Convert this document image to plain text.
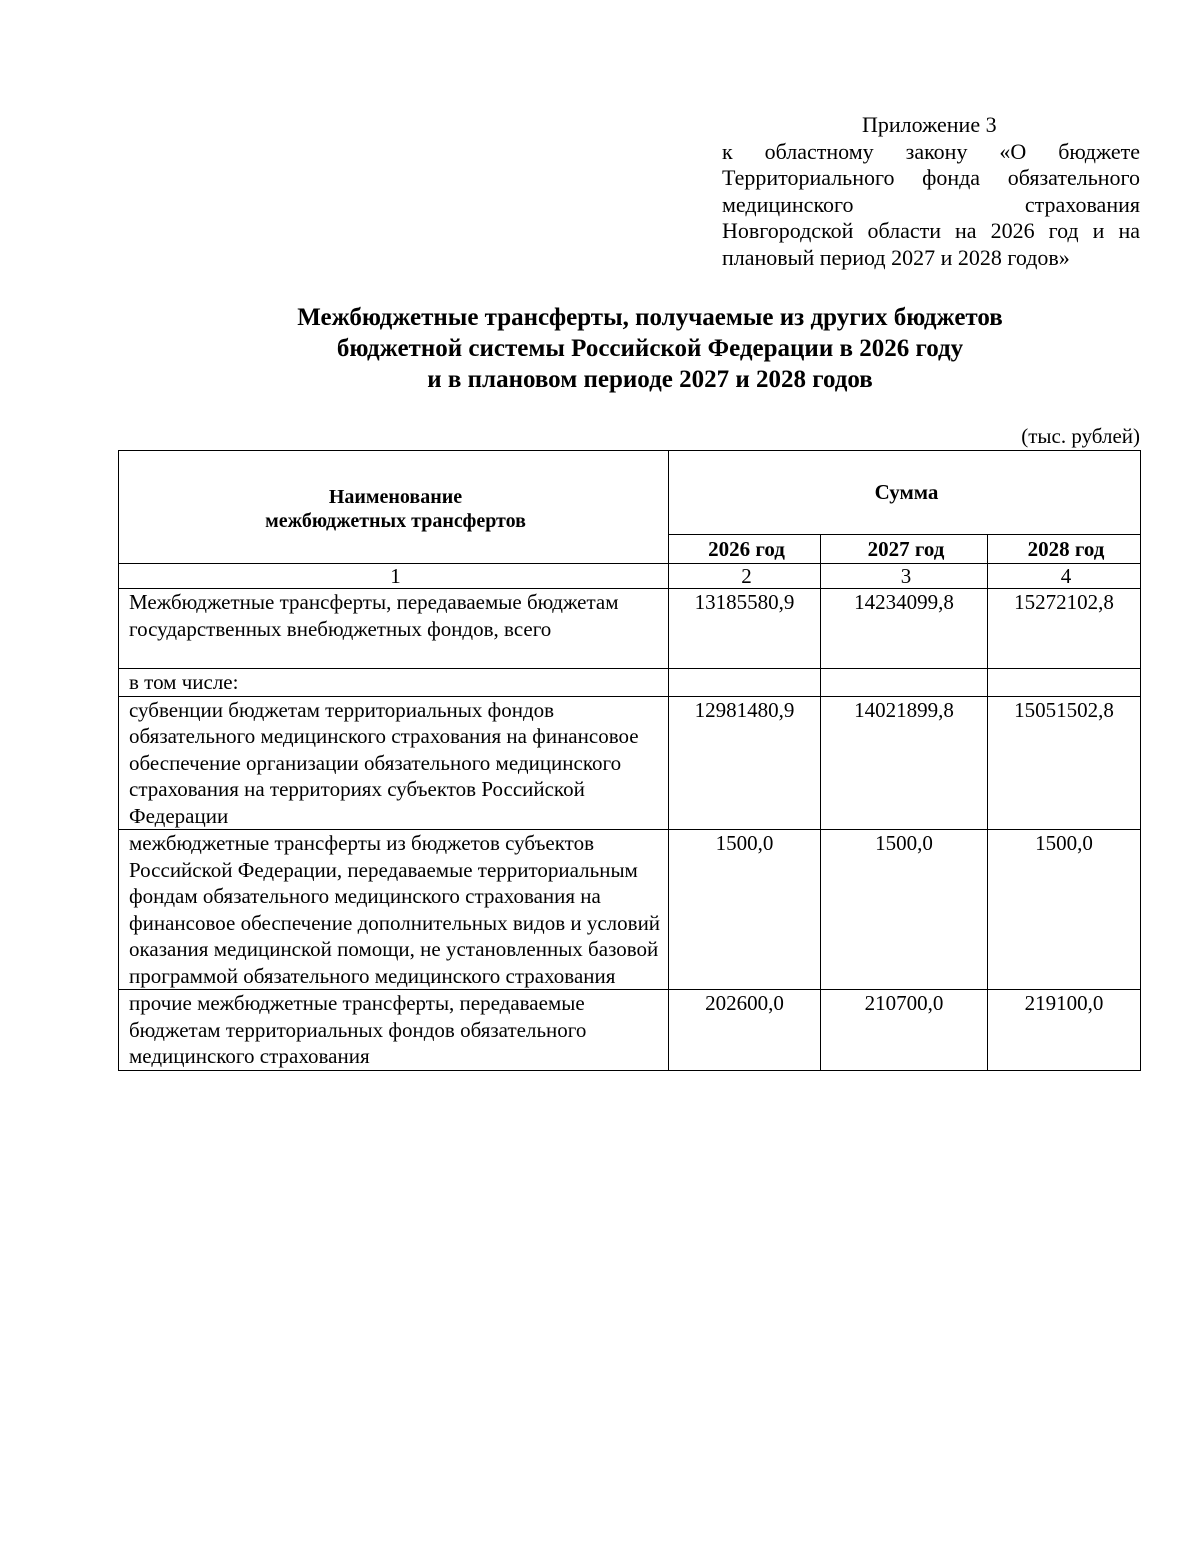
Приложение 3
к областному закону «О бюджете
Территориального фонда обязательного
медицинского страхования
Новгородской области на 2026 год и на
плановый период 2027 и 2028 годов»
Межбюджетные трансферты, получаемые из других бюджетов
бюджетной системы Российской Федерации в 2026 году
и в плановом периоде 2027 и 2028 годов
(тыс. рублей)
Наименование
межбюджетных трансфертов	Сумма		
	2026 год	2027 год	2028 год
1	2	3	4
Межбюджетные трансферты, передаваемые бюджетам государственных внебюджетных фондов, всего	13185580,9	14234099,8	15272102,8
в том числе:			
субвенции бюджетам территориальных фондов обязательного медицинского страхования на финансовое обеспечение организации обязательного медицинского страхования на территориях субъектов Российской Федерации	12981480,9	14021899,8	15051502,8
межбюджетные трансферты из бюджетов субъектов Российской Федерации, передаваемые территориальным фондам обязательного медицинского страхования на финансовое обеспечение дополнительных видов и условий оказания медицинской помощи, не установленных базовой программой обязательного медицинского страхования	1500,0	1500,0	1500,0
прочие межбюджетные трансферты, передаваемые бюджетам территориальных фондов обязательного медицинского страхования	202600,0	210700,0	219100,0
